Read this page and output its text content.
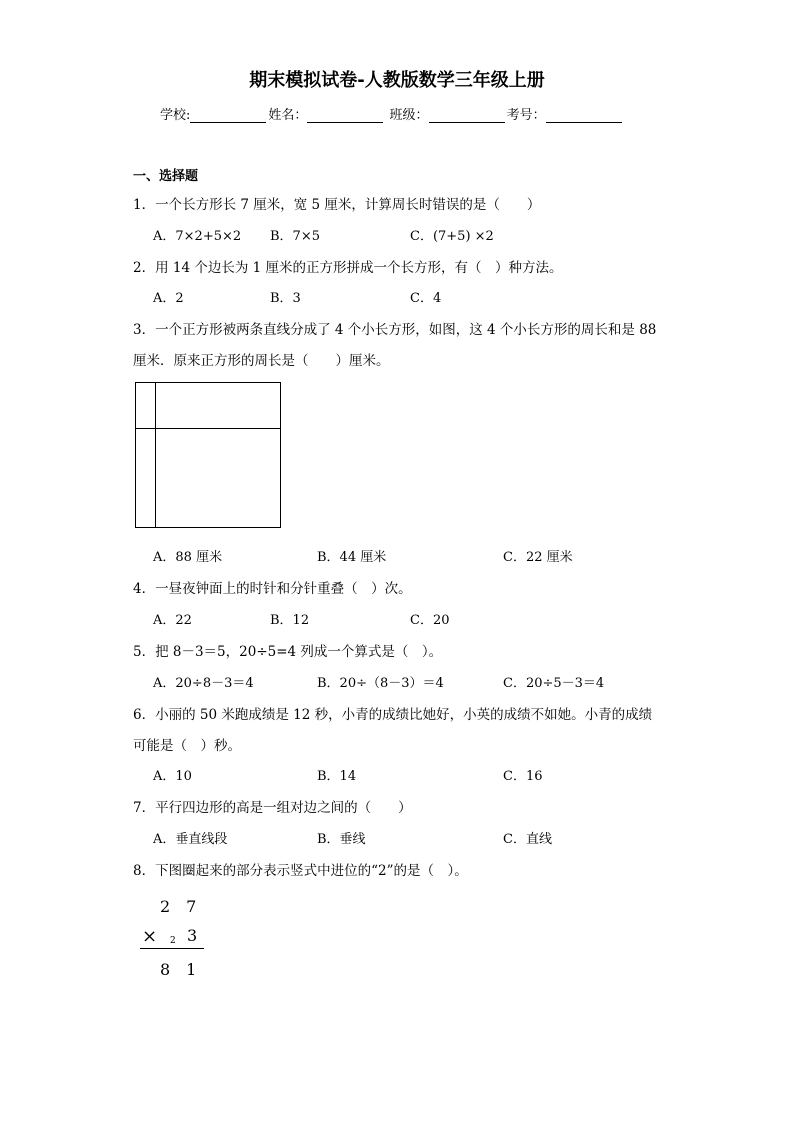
期末模拟试卷-人教版数学三年级上册
学校:	姓名：	班级：	考号：
一、选择题
1．一个长方形长 7 厘米，宽 5 厘米，计算周长时错误的是（　　）
A．7×2+5×2 B．7×5	C．(7+5) ×2
2．用 14 个边长为 1 厘米的正方形拼成一个长方形，有（　）种方法。
A．2	B．3	C．4
3．一个正方形被两条直线分成了 4 个小长方形，如图，这 4 个小长方形的周长和是 88
厘米．原来正方形的周长是（　　）厘米。
A．88 厘米	B．44 厘米	C．22 厘米
4．一昼夜钟面上的时针和分针重叠（　）次。
A．22	B．12	C．20
5．把 8－3＝5，20÷5=4 列成一个算式是（　）。
A．20÷8－3＝4	B．20÷（8－3）＝4	C．20÷5－3＝4
6．小丽的 50 米跑成绩是 12 秒，小青的成绩比她好，小英的成绩不如她。小青的成绩
可能是（　）秒。
A．10	B．14	C．16
7．平行四边形的高是一组对边之间的（　　）
A．垂直线段	B．垂线	C．直线
8．下图圈起来的部分表示竖式中进位的“2”的是（　）。
2　7
× 2 3
8　1
